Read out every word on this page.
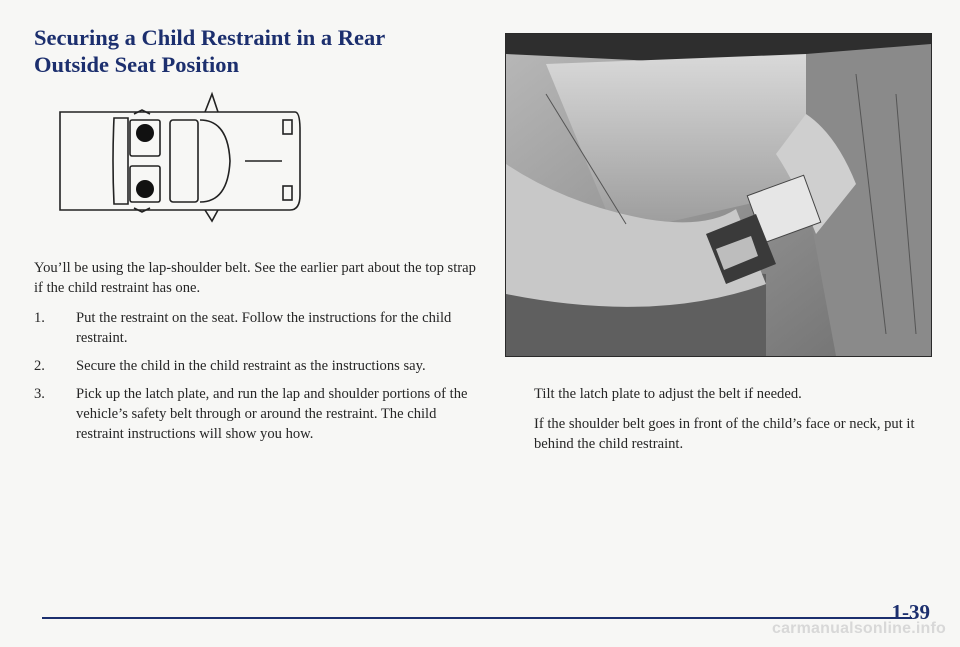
Securing a Child Restraint in a Rear
Outside Seat Position

You’ll be using the lap-shoulder belt. See the earlier part about the top strap if the child restraint has one.

1.	Put the restraint on the seat. Follow the instructions for the child restraint.
2.	Secure the child in the child restraint as the instructions say.
3.	Pick up the latch plate, and run the lap and shoulder portions of the vehicle’s safety belt through or around the restraint. The child restraint instructions will show you how.

Tilt the latch plate to adjust the belt if needed.

If the shoulder belt goes in front of the child’s face or neck, put it behind the child restraint.

1-39
carmanualsonline.info
